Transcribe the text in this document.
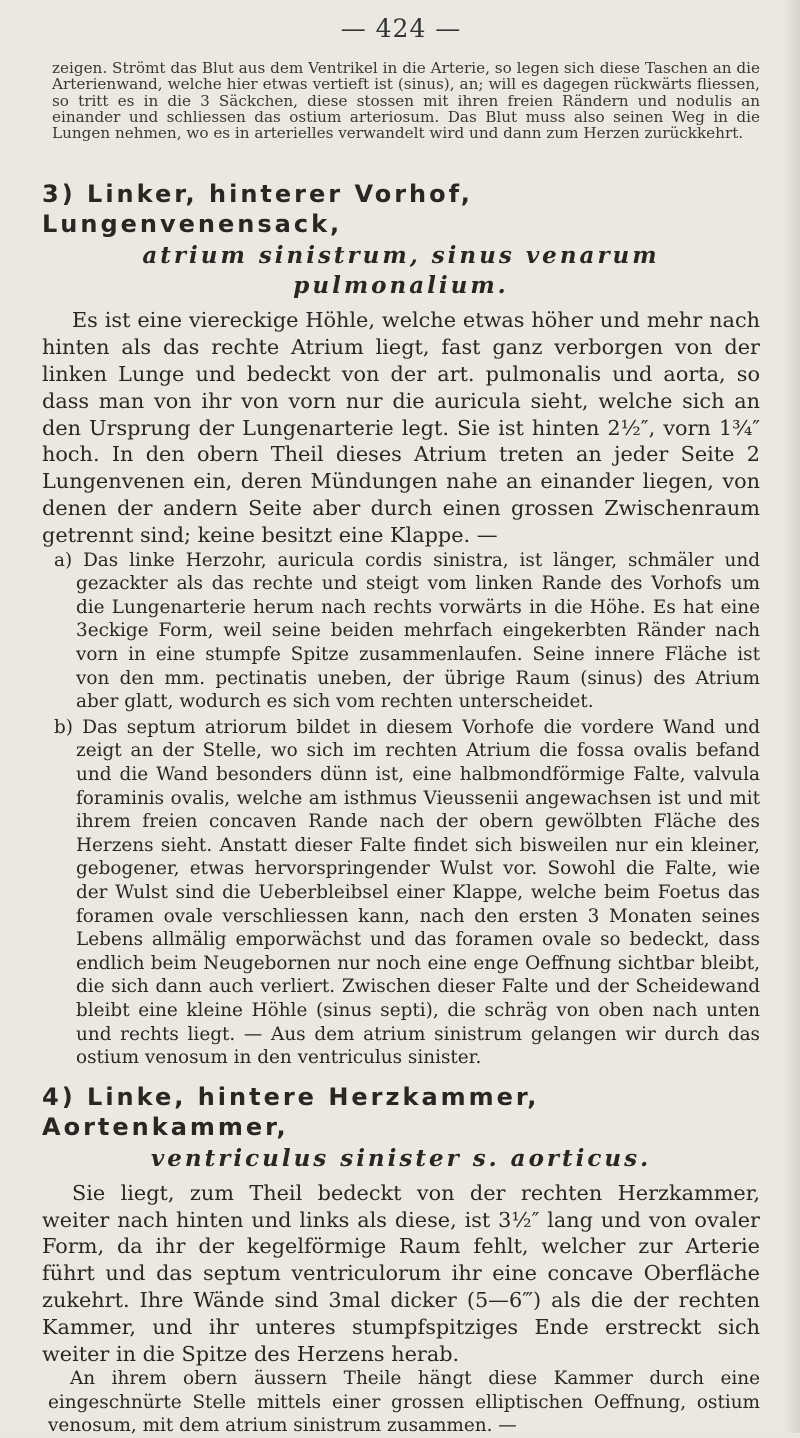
— 424 —
zeigen. Strömt das Blut aus dem Ventrikel in die Arterie, so legen sich diese Taschen an die Arterienwand, welche hier etwas vertieft ist (sinus), an; will es dagegen rückwärts fliessen, so tritt es in die 3 Säckchen, diese stossen mit ihren freien Rändern und nodulis an einander und schliessen das ostium arteriosum. Das Blut muss also seinen Weg in die Lungen nehmen, wo es in arterielles verwandelt wird und dann zum Herzen zurückkehrt.
3) Linker, hinterer Vorhof, Lungenvenensack,
atrium sinistrum, sinus venarum pulmonalium.
Es ist eine viereckige Höhle, welche etwas höher und mehr nach hinten als das rechte Atrium liegt, fast ganz verborgen von der linken Lunge und bedeckt von der art. pulmonalis und aorta, so dass man von ihr von vorn nur die auricula sieht, welche sich an den Ursprung der Lungenarterie legt. Sie ist hinten 2½″, vorn 1¾″ hoch. In den obern Theil dieses Atrium treten an jeder Seite 2 Lungenvenen ein, deren Mündungen nahe an einander liegen, von denen der andern Seite aber durch einen grossen Zwischenraum getrennt sind; keine besitzt eine Klappe. —
a) Das linke Herzohr, auricula cordis sinistra, ist länger, schmäler und gezackter als das rechte und steigt vom linken Rande des Vorhofs um die Lungenarterie herum nach rechts vorwärts in die Höhe. Es hat eine 3eckige Form, weil seine beiden mehrfach eingekerbten Ränder nach vorn in eine stumpfe Spitze zusammenlaufen. Seine innere Fläche ist von den mm. pectinatis uneben, der übrige Raum (sinus) des Atrium aber glatt, wodurch es sich vom rechten unterscheidet.
b) Das septum atriorum bildet in diesem Vorhofe die vordere Wand und zeigt an der Stelle, wo sich im rechten Atrium die fossa ovalis befand und die Wand besonders dünn ist, eine halbmondförmige Falte, valvula foraminis ovalis, welche am isthmus Vieussenii angewachsen ist und mit ihrem freien concaven Rande nach der obern gewölbten Fläche des Herzens sieht. Anstatt dieser Falte findet sich bisweilen nur ein kleiner, gebogener, etwas hervorspringender Wulst vor. Sowohl die Falte, wie der Wulst sind die Ueberbleibsel einer Klappe, welche beim Foetus das foramen ovale verschliessen kann, nach den ersten 3 Monaten seines Lebens allmälig emporwächst und das foramen ovale so bedeckt, dass endlich beim Neugebornen nur noch eine enge Oeffnung sichtbar bleibt, die sich dann auch verliert. Zwischen dieser Falte und der Scheidewand bleibt eine kleine Höhle (sinus septi), die schräg von oben nach unten und rechts liegt. — Aus dem atrium sinistrum gelangen wir durch das ostium venosum in den ventriculus sinister.
4) Linke, hintere Herzkammer, Aortenkammer,
ventriculus sinister s. aorticus.
Sie liegt, zum Theil bedeckt von der rechten Herzkammer, weiter nach hinten und links als diese, ist 3½″ lang und von ovaler Form, da ihr der kegelförmige Raum fehlt, welcher zur Arterie führt und das septum ventriculorum ihr eine concave Oberfläche zukehrt. Ihre Wände sind 3mal dicker (5—6‴) als die der rechten Kammer, und ihr unteres stumpfspitziges Ende erstreckt sich weiter in die Spitze des Herzens herab.
An ihrem obern äussern Theile hängt diese Kammer durch eine eingeschnürte Stelle mittels einer grossen elliptischen Oeffnung, ostium venosum, mit dem atrium sinistrum zusammen. —
